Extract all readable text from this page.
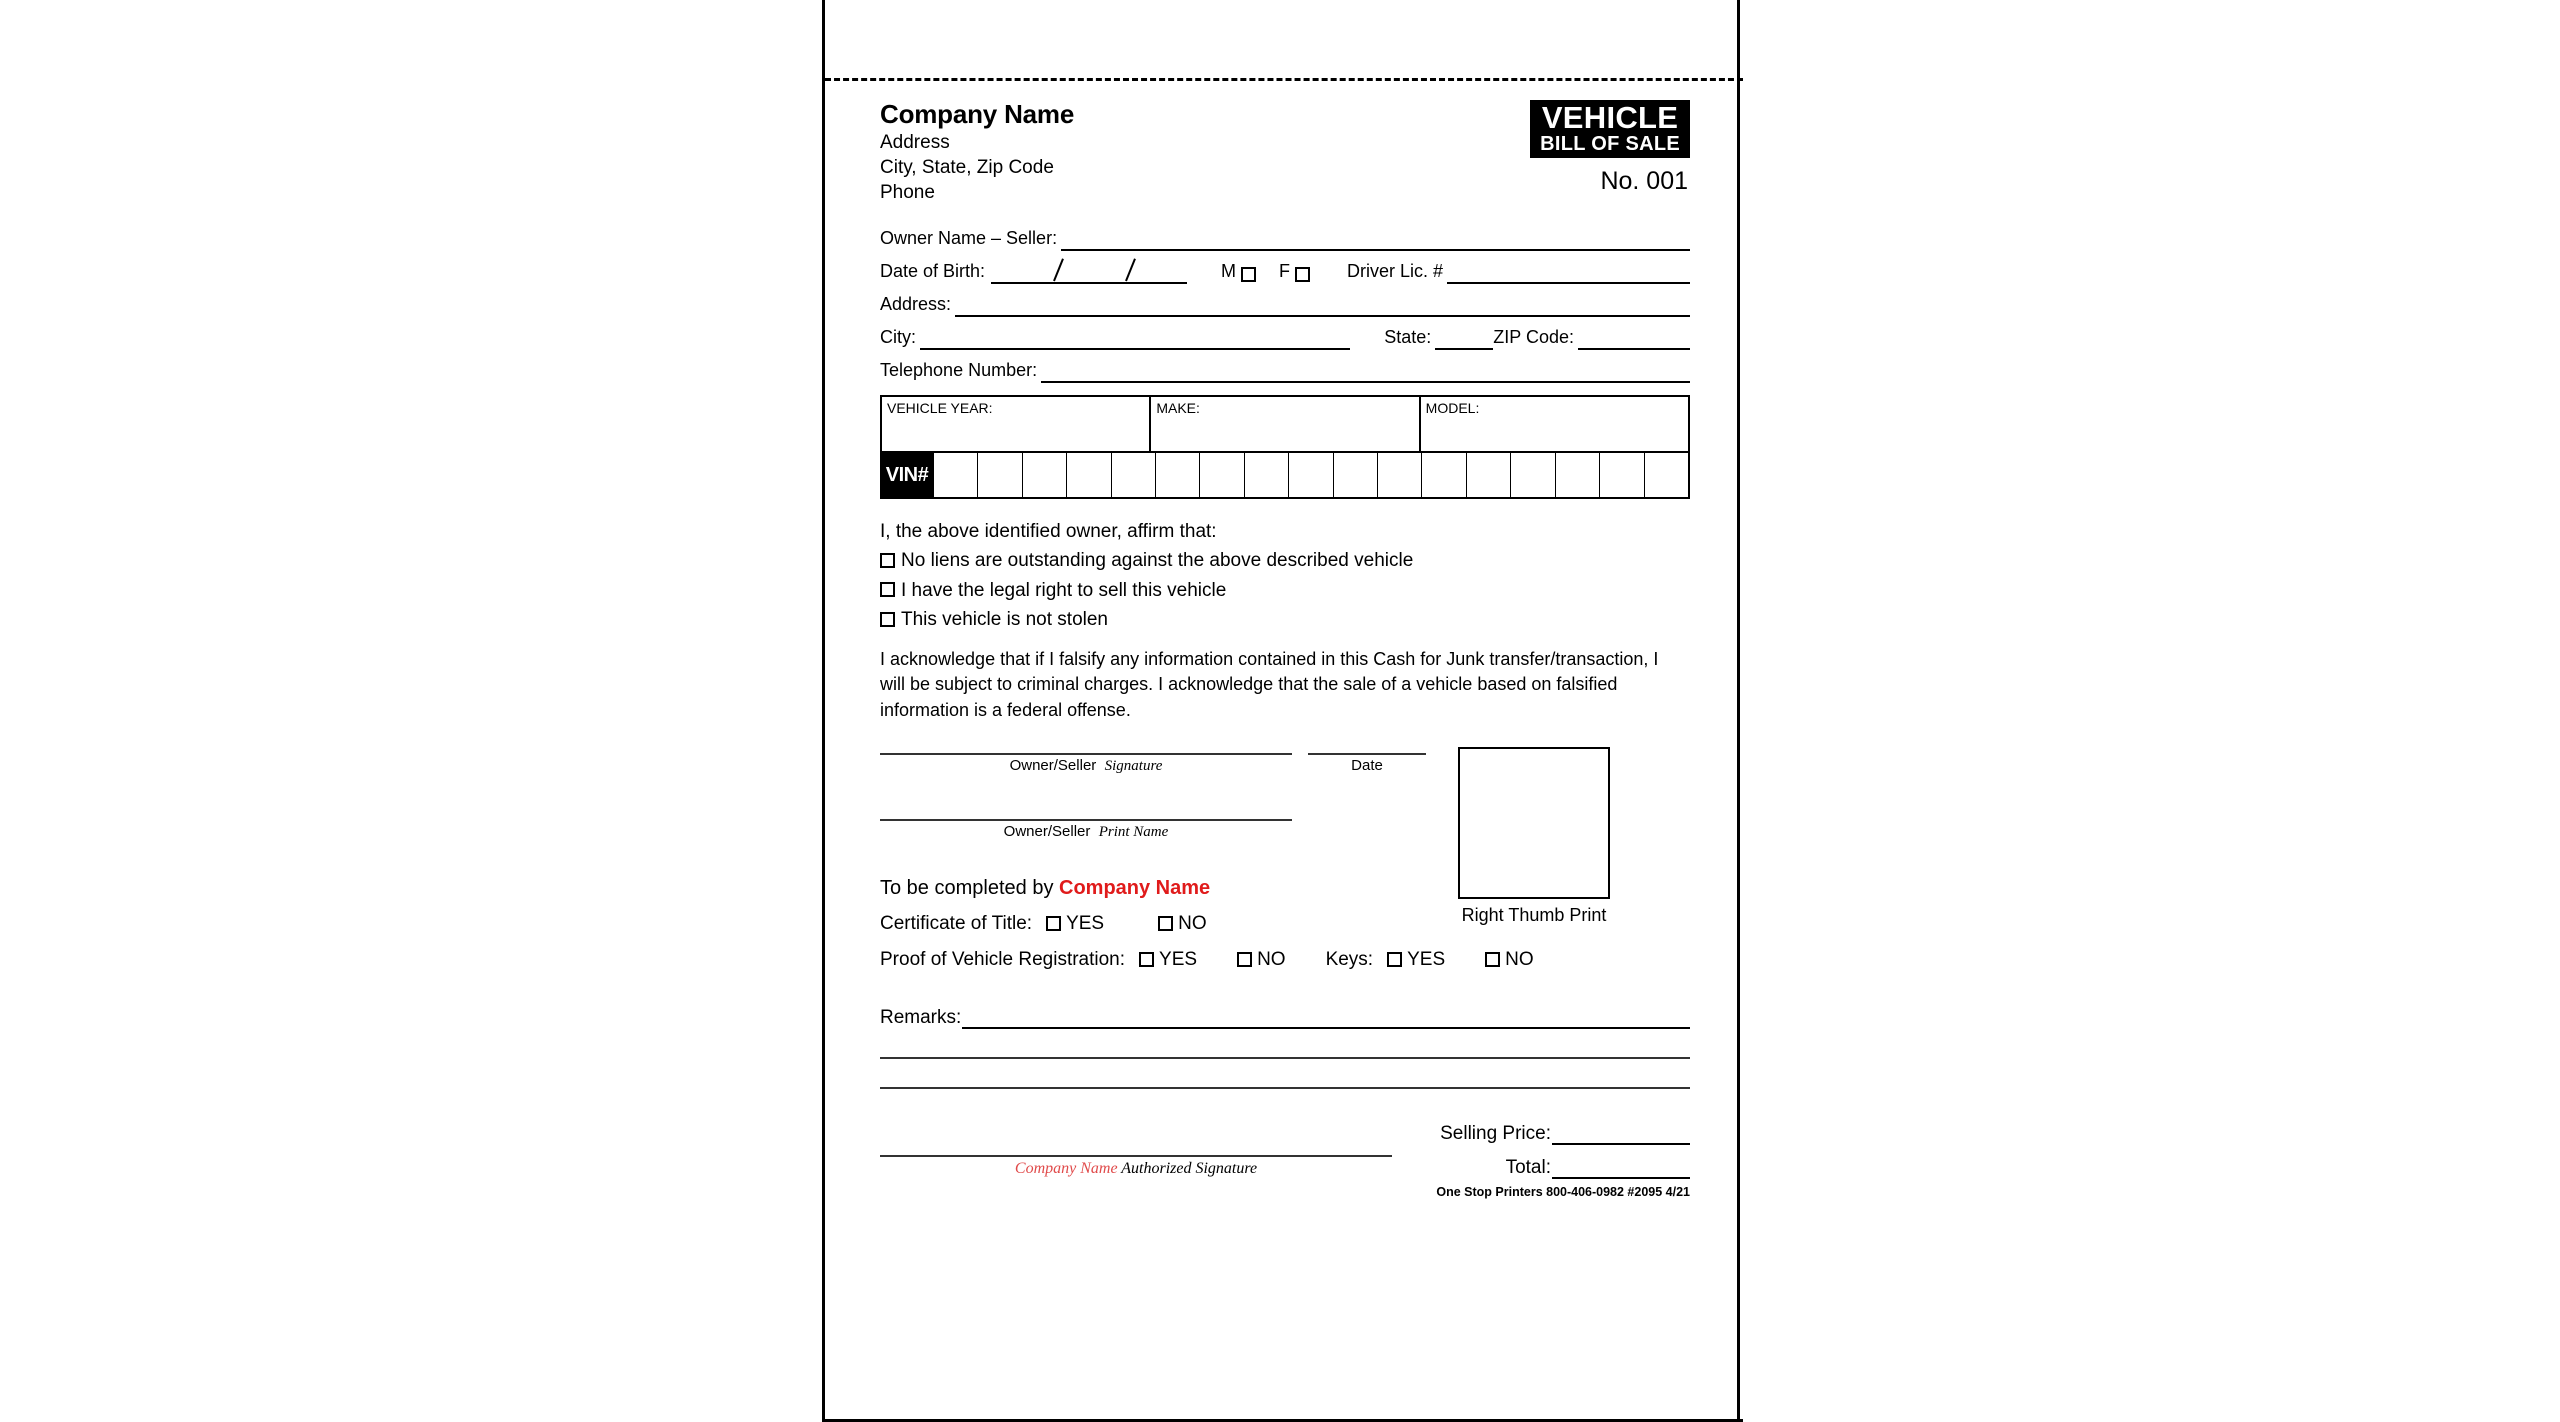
Company Name
Address
City, State, Zip Code
Phone
VEHICLE
BILL OF SALE
No. 001
Owner Name – Seller:
Date of Birth:	M F	Driver Lic. #
Address:
City:	State:	ZIP Code:
Telephone Number:
VEHICLE YEAR:	MAKE:	MODEL:
VIN#
I, the above identified owner, affirm that:
No liens are outstanding against the above described vehicle
I have the legal right to sell this vehicle
This vehicle is not stolen
I acknowledge that if I falsify any information contained in this Cash for Junk transfer/transaction, I will be subject to criminal charges. I acknowledge that the sale of a vehicle based on falsified information is a federal offense.
Owner/Seller Signature	Date
Owner/Seller Print Name
Right Thumb Print
To be completed by Company Name
Certificate of Title: YES	NO
Proof of Vehicle Registration: YES	NO Keys: YES	NO
Remarks:
Selling Price:
Total:
Company Name Authorized Signature
One Stop Printers 800-406-0982 #2095 4/21
